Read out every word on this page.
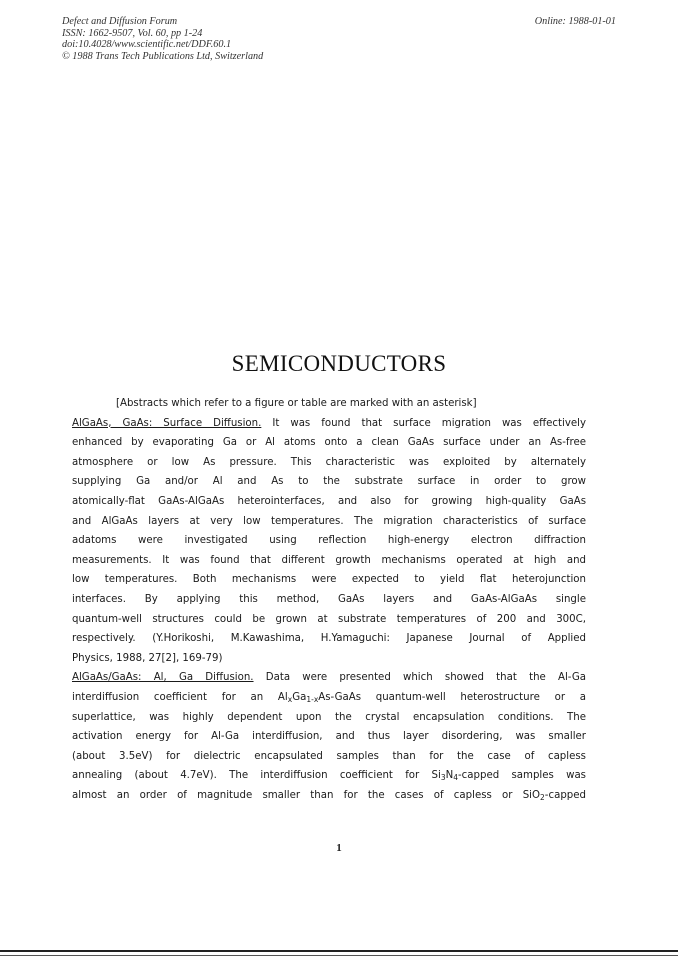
Defect and Diffusion Forum
ISSN: 1662-9507, Vol. 60, pp 1-24
doi:10.4028/www.scientific.net/DDF.60.1
© 1988 Trans Tech Publications Ltd, Switzerland
Online: 1988-01-01
SEMICONDUCTORS
[Abstracts which refer to a figure or table are marked with an asterisk]
AlGaAs, GaAs: Surface Diffusion. It was found that surface migration was effectively
enhanced by evaporating Ga or Al atoms onto a clean GaAs surface under an As-free
atmosphere or low As pressure. This characteristic was exploited by alternately
supplying Ga and/or Al and As to the substrate surface in order to grow
atomically-flat GaAs-AlGaAs heterointerfaces, and also for growing high-quality GaAs
and AlGaAs layers at very low temperatures. The migration characteristics of surface
adatoms were investigated using reflection high-energy electron diffraction
measurements. It was found that different growth mechanisms operated at high and
low temperatures. Both mechanisms were expected to yield flat heterojunction
interfaces. By applying this method, GaAs layers and GaAs-AlGaAs single
quantum-well structures could be grown at substrate temperatures of 200 and 300C,
respectively. (Y.Horikoshi, M.Kawashima, H.Yamaguchi: Japanese Journal of Applied
Physics, 1988, 27[2], 169-79)
AlGaAs/GaAs: Al, Ga Diffusion. Data were presented which showed that the Al-Ga
interdiffusion coefficient for an $Al_xGa_{1-x}As$-GaAs quantum-well heterostructure or a
superlattice, was highly dependent upon the crystal encapsulation conditions. The
activation energy for Al-Ga interdiffusion, and thus layer disordering, was smaller
(about 3.5eV) for dielectric encapsulated samples than for the case of capless
annealing (about 4.7eV). The interdiffusion coefficient for $Si_3N_4$-capped samples was
almost an order of magnitude smaller than for the cases of capless or SiO$_2$-capped
1
